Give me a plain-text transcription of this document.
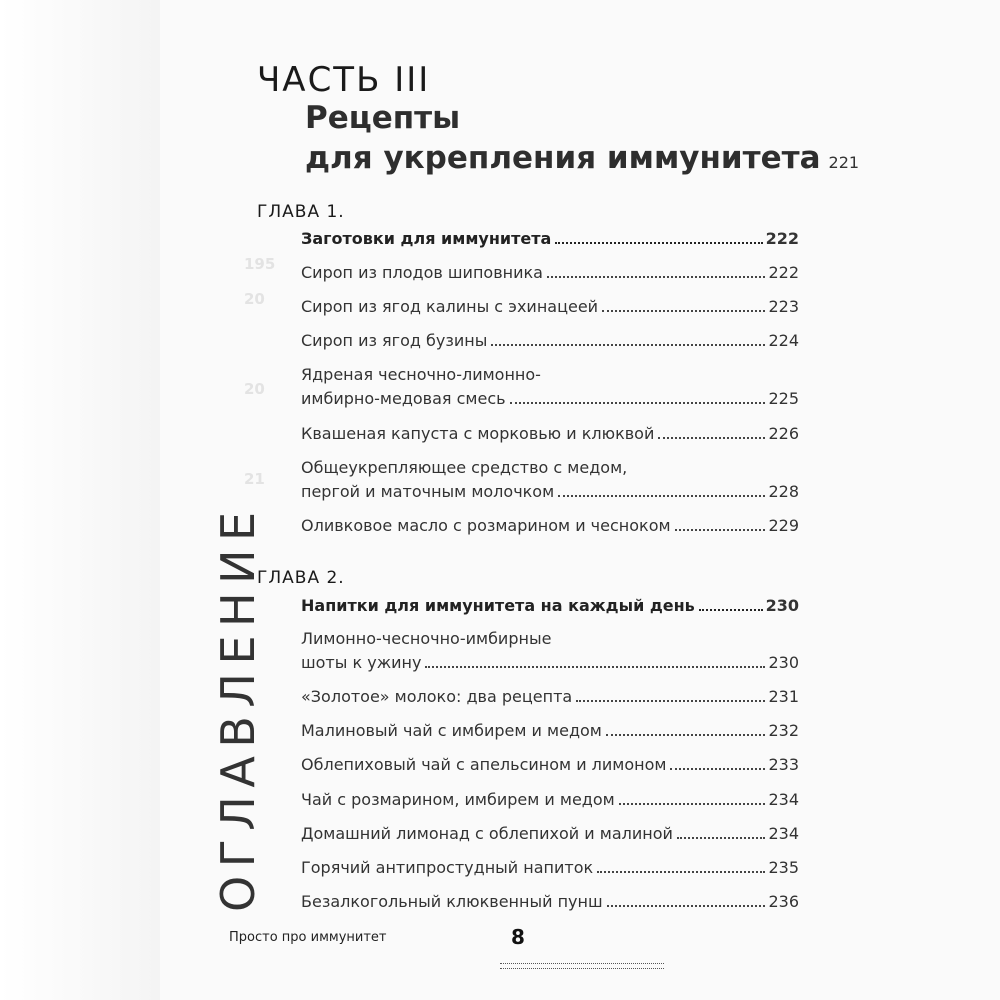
195
20
20
21
ОГЛАВЛЕНИЕ
ЧАСТЬ III
Рецепты
для укрепления иммунитета 221
ГЛАВА 1.
Заготовки для иммунитета	222
Сироп из плодов шиповника	222
Сироп из ягод калины с эхинацеей	223
Сироп из ягод бузины	224
Ядреная чесночно-лимонно-
имбирно-медовая смесь	225
Квашеная капуста с морковью и клюквой	226
Общеукрепляющее средство с медом,
пергой и маточным молочком	228
Оливковое масло с розмарином и чесноком	229
ГЛАВА 2.
Напитки для иммунитета на каждый день	230
Лимонно-чесночно-имбирные
шоты к ужину	230
«Золотое» молоко: два рецепта	231
Малиновый чай с имбирем и медом	232
Облепиховый чай с апельсином и лимоном	233
Чай с розмарином, имбирем и медом	234
Домашний лимонад с облепихой и малиной	234
Горячий антипростудный напиток	235
Безалкогольный клюквенный пунш	236
Просто про иммунитет	8
